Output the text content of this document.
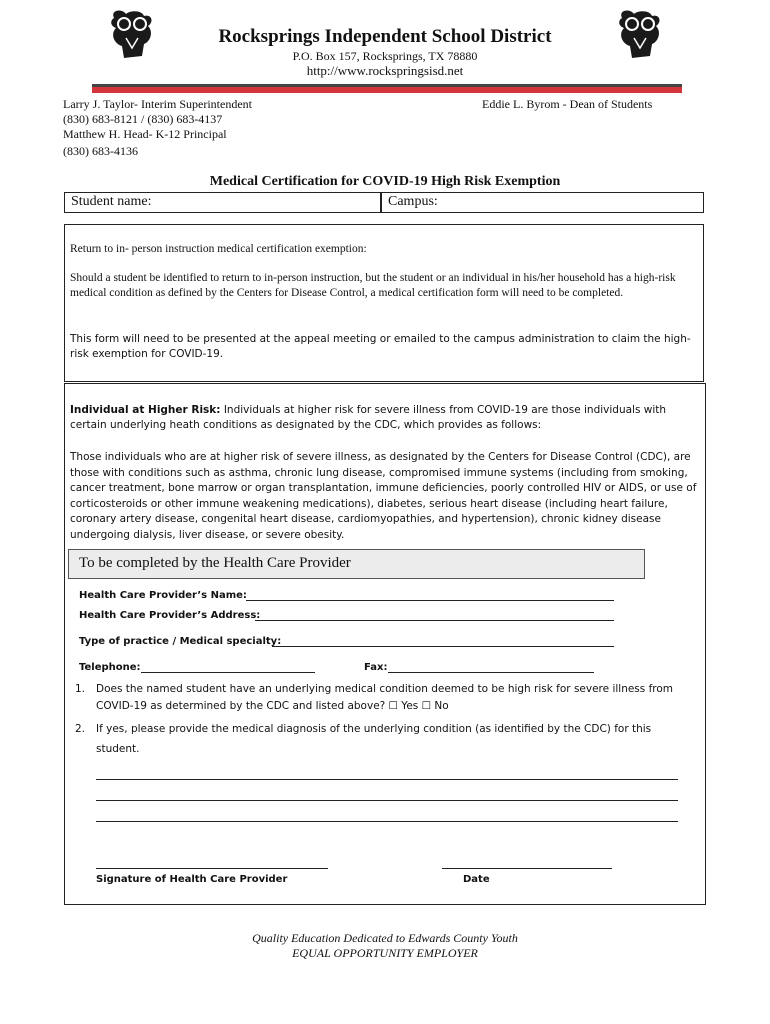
Rocksprings Independent School District
P.O. Box 157, Rocksprings, TX 78880
http://www.rockspringsisd.net
Larry J. Taylor- Interim Superintendent
(830) 683-8121 / (830) 683-4137
Matthew H. Head- K-12 Principal
(830) 683-4136
Eddie L. Byrom - Dean of Students
Medical Certification for COVID-19 High Risk Exemption
Student name:	Campus:
Return to in- person instruction medical certification exemption:
Should a student be identified to return to in-person instruction, but the student or an individual in his/her household has a high-risk medical condition as defined by the Centers for Disease Control, a medical certification form will need to be completed.
This form will need to be presented at the appeal meeting or emailed to the campus administration to claim the high-risk exemption for COVID-19.
Individual at Higher Risk: Individuals at higher risk for severe illness from COVID-19 are those individuals with certain underlying heath conditions as designated by the CDC, which provides as follows:
Those individuals who are at higher risk of severe illness, as designated by the Centers for Disease Control (CDC), are those with conditions such as asthma, chronic lung disease, compromised immune systems (including from smoking, cancer treatment, bone marrow or organ transplantation, immune deficiencies, poorly controlled HIV or AIDS, or use of corticosteroids or other immune weakening medications), diabetes, serious heart disease (including heart failure, coronary artery disease, congenital heart disease, cardiomyopathies, and hypertension), chronic kidney disease undergoing dialysis, liver disease, or severe obesity.
To be completed by the Health Care Provider
Health Care Provider’s Name:
Health Care Provider’s Address:
Type of practice / Medical specialty:
Telephone:	Fax:
1. Does the named student have an underlying medical condition deemed to be high risk for severe illness from
COVID-19 as determined by the CDC and listed above? ☐ Yes ☐ No
2. If yes, please provide the medical diagnosis of the underlying condition (as identified by the CDC) for this
student.
Signature of Health Care Provider	Date
Quality Education Dedicated to Edwards County Youth
EQUAL OPPORTUNITY EMPLOYER
